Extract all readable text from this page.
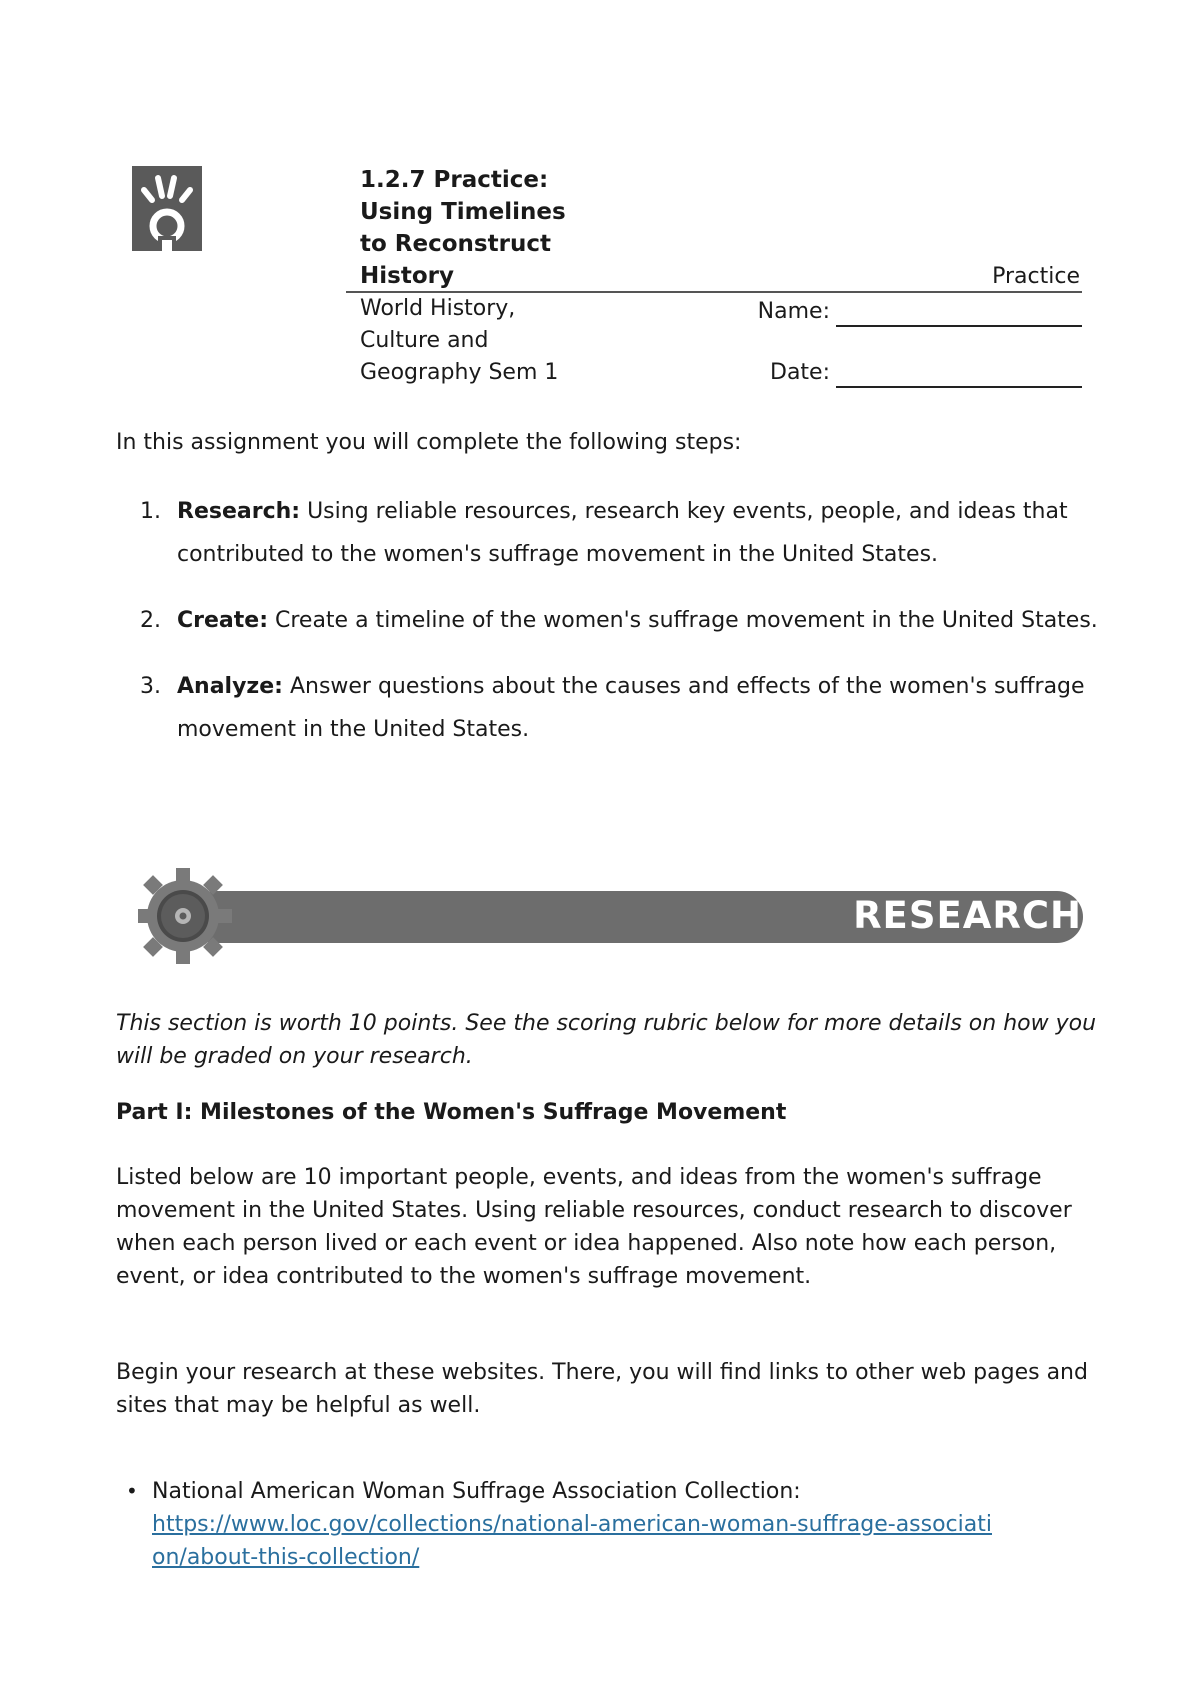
1.2.7 Practice:
Using Timelines
to Reconstruct
History	Practice
World History,
Culture and
Geography Sem 1
Name:
Date:
In this assignment you will complete the following steps:
1. Research: Using reliable resources, research key events, people, and ideas that contributed to the women's suffrage movement in the United States.
2. Create: Create a timeline of the women's suffrage movement in the United States.
3. Analyze: Answer questions about the causes and effects of the women's suffrage movement in the United States.
RESEARCH
This section is worth 10 points. See the scoring rubric below for more details on how you will be graded on your research.
Part I: Milestones of the Women's Suffrage Movement
Listed below are 10 important people, events, and ideas from the women's suffrage movement in the United States. Using reliable resources, conduct research to discover when each person lived or each event or idea happened. Also note how each person, event, or idea contributed to the women's suffrage movement.
Begin your research at these websites. There, you will find links to other web pages and sites that may be helpful as well.
• National American Woman Suffrage Association Collection:
https://www.loc.gov/collections/national-american-woman-suffrage-association/about-this-collection/
